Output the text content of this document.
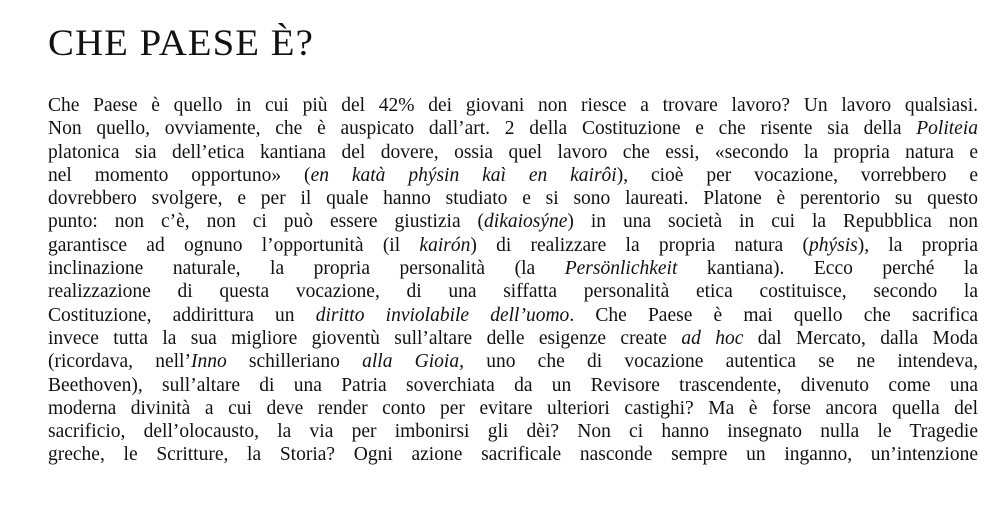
CHE PAESE È?
Che Paese è quello in cui più del 42% dei giovani non riesce a trovare lavoro? Un lavoro qualsiasi.
Non quello, ovviamente, che è auspicato dall’art. 2 della Costituzione e che risente sia della Politeia
platonica sia dell’etica kantiana del dovere, ossia quel lavoro che essi, «secondo la propria natura e
nel momento opportuno» (en katà phýsin kaì en kairôi), cioè per vocazione, vorrebbero e
dovrebbero svolgere, e per il quale hanno studiato e si sono laureati. Platone è perentorio su questo
punto: non c’è, non ci può essere giustizia (dikaiosýne) in una società in cui la Repubblica non
garantisce ad ognuno l’opportunità (il kairón) di realizzare la propria natura (phýsis), la propria
inclinazione naturale, la propria personalità (la Persönlichkeit kantiana). Ecco perché la
realizzazione di questa vocazione, di una siffatta personalità etica costituisce, secondo la
Costituzione, addirittura un diritto inviolabile dell’uomo. Che Paese è mai quello che sacrifica
invece tutta la sua migliore gioventù sull’altare delle esigenze create ad hoc dal Mercato, dalla Moda
(ricordava, nell’Inno schilleriano alla Gioia, uno che di vocazione autentica se ne intendeva,
Beethoven), sull’altare di una Patria soverchiata da un Revisore trascendente, divenuto come una
moderna divinità a cui deve render conto per evitare ulteriori castighi? Ma è forse ancora quella del
sacrificio, dell’olocausto, la via per imbonirsi gli dèi? Non ci hanno insegnato nulla le Tragedie
greche, le Scritture, la Storia? Ogni azione sacrificale nasconde sempre un inganno, un’intenzione
